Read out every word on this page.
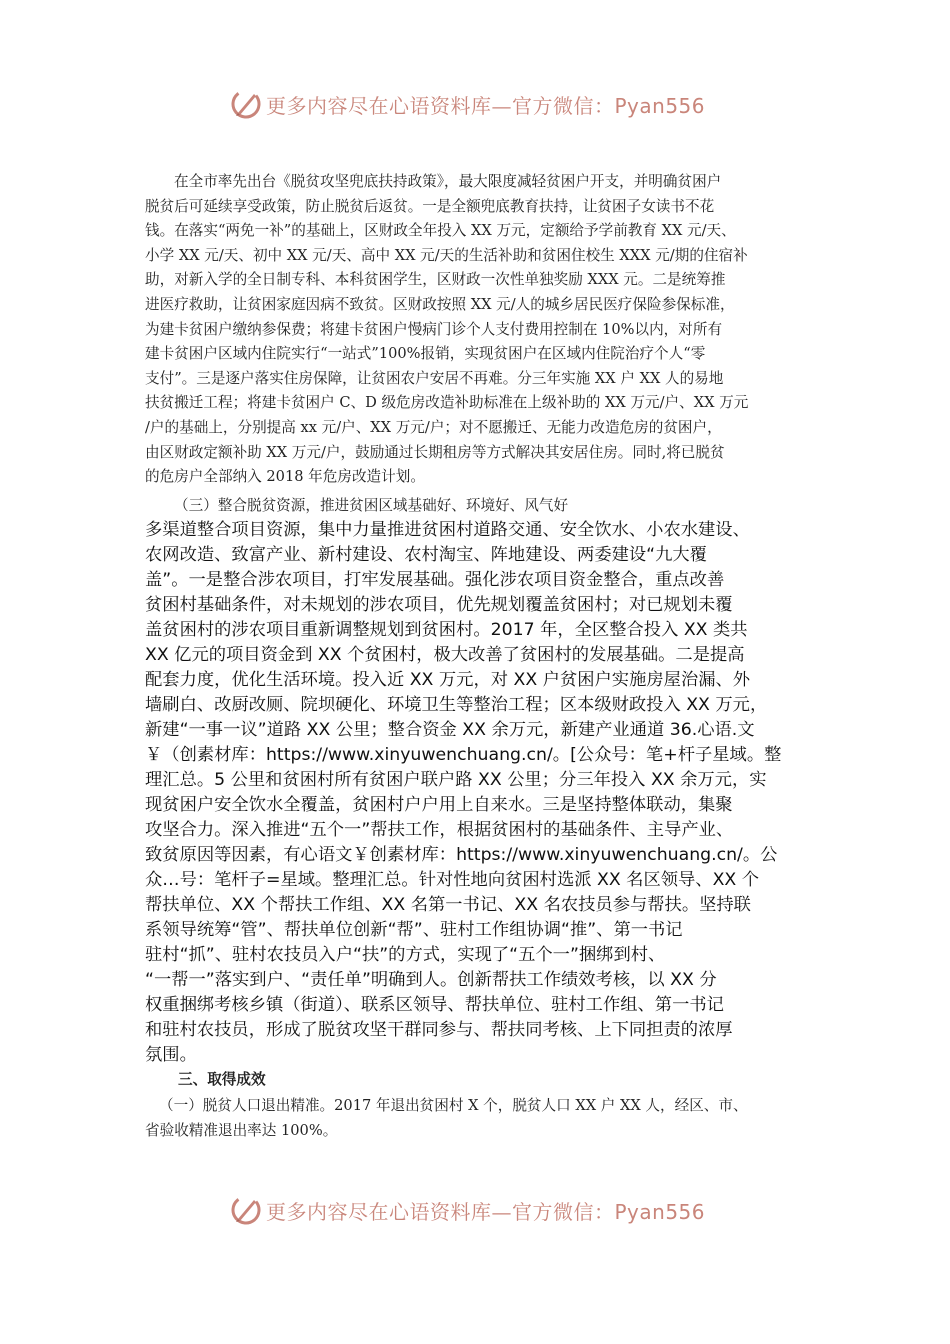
更多内容尽在心语资料库—官方微信：Pyan556
在全市率先出台《脱贫攻坚兜底扶持政策》，最大限度减轻贫困户开支，并明确贫困户
脱贫后可延续享受政策，防止脱贫后返贫。一是全额兜底教育扶持，让贫困子女读书不花
钱。在落实“两免一补”的基础上，区财政全年投入 XX 万元，定额给予学前教育 XX 元/天、
小学 XX 元/天、初中 XX 元/天、高中 XX 元/天的生活补助和贫困住校生 XXX 元/期的住宿补
助，对新入学的全日制专科、本科贫困学生，区财政一次性单独奖励 XXX 元。二是统筹推
进医疗救助，让贫困家庭因病不致贫。区财政按照 XX 元/人的城乡居民医疗保险参保标准，
为建卡贫困户缴纳参保费；将建卡贫困户慢病门诊个人支付费用控制在 10%以内，对所有
建卡贫困户区域内住院实行“一站式”100%报销，实现贫困户在区域内住院治疗个人“零
支付”。三是逐户落实住房保障，让贫困农户安居不再难。分三年实施 XX 户 XX 人的易地
扶贫搬迁工程；将建卡贫困户 C、D 级危房改造补助标准在上级补助的 XX 万元/户、XX 万元
/户的基础上，分别提高 xx 元/户、XX 万元/户；对不愿搬迁、无能力改造危房的贫困户，
由区财政定额补助 XX 万元/户，鼓励通过长期租房等方式解决其安居住房。同时,将已脱贫
的危房户全部纳入 2018 年危房改造计划。
（三）整合脱贫资源，推进贫困区域基础好、环境好、风气好
多渠道整合项目资源，集中力量推进贫困村道路交通、安全饮水、小农水建设、
农网改造、致富产业、新村建设、农村淘宝、阵地建设、两委建设“九大覆
盖”。一是整合涉农项目，打牢发展基础。强化涉农项目资金整合，重点改善
贫困村基础条件，对未规划的涉农项目，优先规划覆盖贫困村；对已规划未覆
盖贫困村的涉农项目重新调整规划到贫困村。2017 年，全区整合投入 XX 类共
XX 亿元的项目资金到 XX 个贫困村，极大改善了贫困村的发展基础。二是提高
配套力度，优化生活环境。投入近 XX 万元，对 XX 户贫困户实施房屋治漏、外
墙刷白、改厨改厕、院坝硬化、环境卫生等整治工程；区本级财政投入 XX 万元，
新建“一事一议”道路 XX 公里；整合资金 XX 余万元，新建产业通道 36.心语.文
￥（创素材库：https://www.xinyuwenchuang.cn/。[公众号：笔+杆子星域。整
理汇总。5 公里和贫困村所有贫困户联户路 XX 公里；分三年投入 XX 余万元，实
现贫困户安全饮水全覆盖，贫困村户户用上自来水。三是坚持整体联动，集聚
攻坚合力。深入推进“五个一”帮扶工作，根据贫困村的基础条件、主导产业、
致贫原因等因素，有心语文￥创素材库：https://www.xinyuwenchuang.cn/。公
众…号：笔杆子=星域。整理汇总。针对性地向贫困村选派 XX 名区领导、XX 个
帮扶单位、XX 个帮扶工作组、XX 名第一书记、XX 名农技员参与帮扶。坚持联
系领导统筹“管”、帮扶单位创新“帮”、驻村工作组协调“推”、第一书记
驻村“抓”、驻村农技员入户“扶”的方式，实现了“五个一”捆绑到村、
“一帮一”落实到户、“责任单”明确到人。创新帮扶工作绩效考核，以 XX 分
权重捆绑考核乡镇（街道）、联系区领导、帮扶单位、驻村工作组、第一书记
和驻村农技员，形成了脱贫攻坚干群同参与、帮扶同考核、上下同担责的浓厚
氛围。
三、取得成效
（一）脱贫人口退出精准。2017 年退出贫困村 X 个，脱贫人口 XX 户 XX 人，经区、市、
省验收精准退出率达 100%。
更多内容尽在心语资料库—官方微信：Pyan556
